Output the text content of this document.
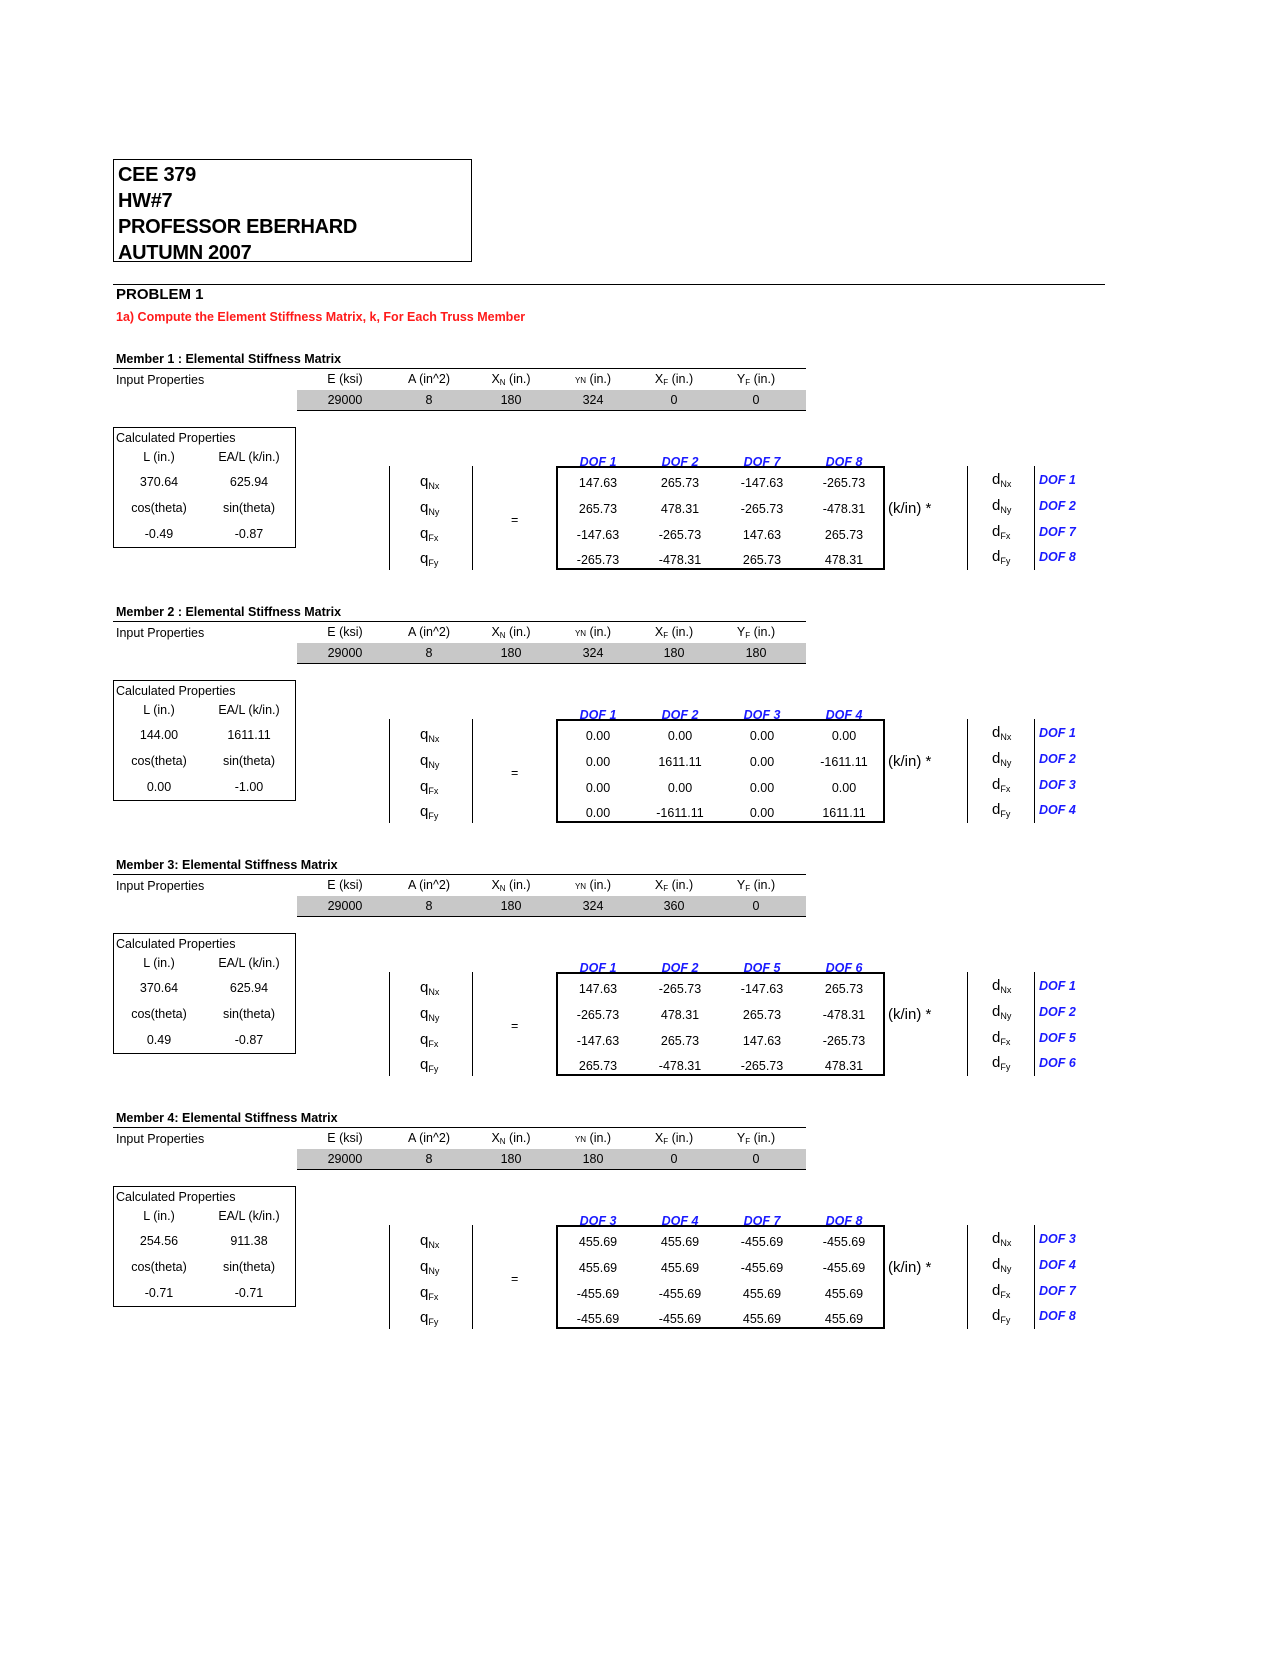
CEE 379
HW#7
PROFESSOR EBERHARD
AUTUMN 2007
PROBLEM 1
1a) Compute the Element Stiffness Matrix, k, For Each Truss Member
Member 1 : Elemental Stiffness Matrix
Input Properties	E (ksi)	A (in^2)	$X_N$ (in.)	YN (in.)	$X_F$ (in.)	$Y_F$ (in.)
29000	8	180	324	0	0
Calculated Properties
L (in.)	EA/L (k/in.)
370.64	625.94
cos(theta)	sin(theta)
-0.49	-0.87
DOF 1	DOF 2	DOF 7	DOF 8
$q_{Nx}$
$q_{Ny}$
$q_{Fx}$
$q_{Fy}$
=
147.63	265.73	-147.63	-265.73
265.73	478.31	-265.73	-478.31
-147.63	-265.73	147.63	265.73
-265.73	-478.31	265.73	478.31
(k/in) *
$d_{Nx}$
$d_{Ny}$
$d_{Fx}$
$d_{Fy}$
DOF 1
DOF 2
DOF 7
DOF 8
Member 2 : Elemental Stiffness Matrix
Input Properties	E (ksi)	A (in^2)	$X_N$ (in.)	YN (in.)	$X_F$ (in.)	$Y_F$ (in.)
29000	8	180	324	180	180
Calculated Properties
L (in.)	EA/L (k/in.)
144.00	1611.11
cos(theta)	sin(theta)
0.00	-1.00
DOF 1	DOF 2	DOF 3	DOF 4
$q_{Nx}$
$q_{Ny}$
$q_{Fx}$
$q_{Fy}$
=
0.00	0.00	0.00	0.00
0.00	1611.11	0.00	-1611.11
0.00	0.00	0.00	0.00
0.00	-1611.11	0.00	1611.11
(k/in) *
$d_{Nx}$
$d_{Ny}$
$d_{Fx}$
$d_{Fy}$
DOF 1
DOF 2
DOF 3
DOF 4
Member 3: Elemental Stiffness Matrix
Input Properties	E (ksi)	A (in^2)	$X_N$ (in.)	YN (in.)	$X_F$ (in.)	$Y_F$ (in.)
29000	8	180	324	360	0
Calculated Properties
L (in.)	EA/L (k/in.)
370.64	625.94
cos(theta)	sin(theta)
0.49	-0.87
DOF 1	DOF 2	DOF 5	DOF 6
$q_{Nx}$
$q_{Ny}$
$q_{Fx}$
$q_{Fy}$
=
147.63	-265.73	-147.63	265.73
-265.73	478.31	265.73	-478.31
-147.63	265.73	147.63	-265.73
265.73	-478.31	-265.73	478.31
(k/in) *
$d_{Nx}$
$d_{Ny}$
$d_{Fx}$
$d_{Fy}$
DOF 1
DOF 2
DOF 5
DOF 6
Member 4: Elemental Stiffness Matrix
Input Properties	E (ksi)	A (in^2)	$X_N$ (in.)	YN (in.)	$X_F$ (in.)	$Y_F$ (in.)
29000	8	180	180	0	0
Calculated Properties
L (in.)	EA/L (k/in.)
254.56	911.38
cos(theta)	sin(theta)
-0.71	-0.71
DOF 3	DOF 4	DOF 7	DOF 8
$q_{Nx}$
$q_{Ny}$
$q_{Fx}$
$q_{Fy}$
=
455.69	455.69	-455.69	-455.69
455.69	455.69	-455.69	-455.69
-455.69	-455.69	455.69	455.69
-455.69	-455.69	455.69	455.69
(k/in) *
$d_{Nx}$
$d_{Ny}$
$d_{Fx}$
$d_{Fy}$
DOF 3
DOF 4
DOF 7
DOF 8
